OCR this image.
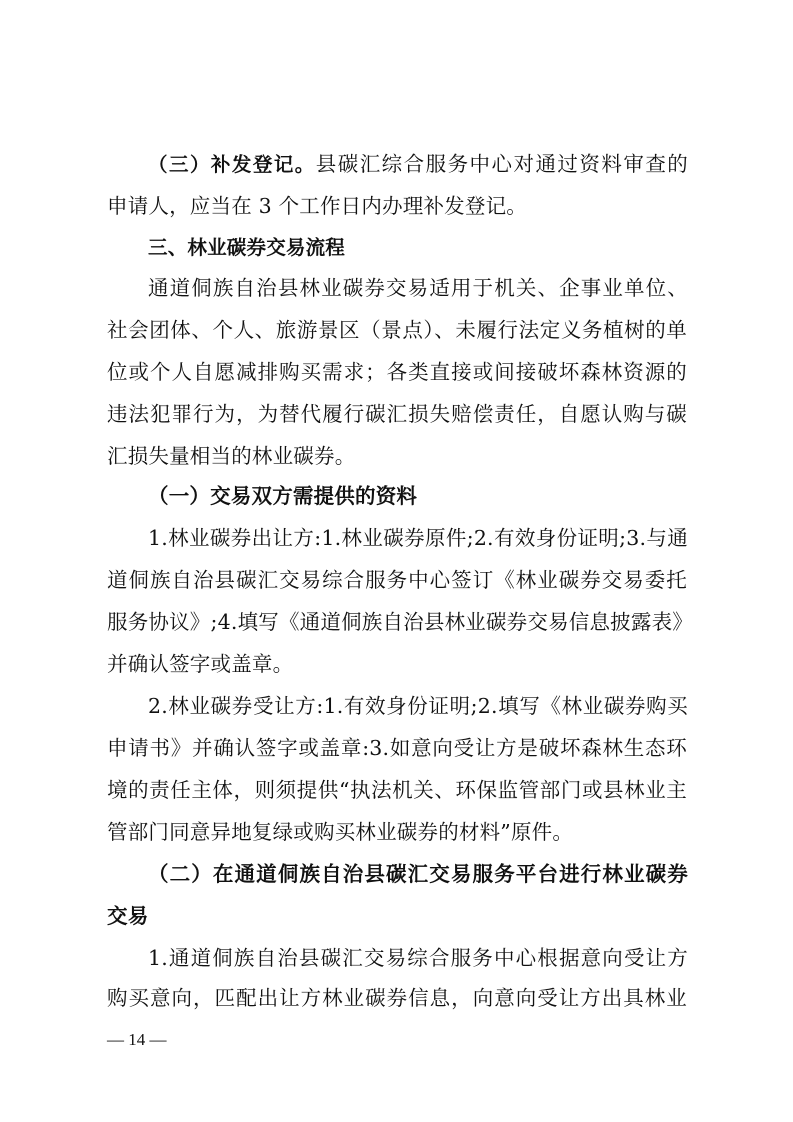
（三）补发登记。县碳汇综合服务中心对通过资料审查的
申请人，应当在 3 个工作日内办理补发登记。
三、林业碳券交易流程
通道侗族自治县林业碳券交易适用于机关、企事业单位、
社会团体、个人、旅游景区（景点）、未履行法定义务植树的单
位或个人自愿减排购买需求；各类直接或间接破坏森林资源的
违法犯罪行为，为替代履行碳汇损失赔偿责任，自愿认购与碳
汇损失量相当的林业碳券。
（一）交易双方需提供的资料
1.林业碳券出让方:1.林业碳券原件;2.有效身份证明;3.与通
道侗族自治县碳汇交易综合服务中心签订《林业碳券交易委托
服务协议》;4.填写《通道侗族自治县林业碳券交易信息披露表》
并确认签字或盖章。
2.林业碳券受让方:1.有效身份证明;2.填写《林业碳券购买
申请书》并确认签字或盖章:3.如意向受让方是破坏森林生态环
境的责任主体，则须提供“执法机关、环保监管部门或县林业主
管部门同意异地复绿或购买林业碳券的材料”原件。
（二）在通道侗族自治县碳汇交易服务平台进行林业碳券
交易
1.通道侗族自治县碳汇交易综合服务中心根据意向受让方
购买意向，匹配出让方林业碳券信息，向意向受让方出具林业
— 14 —
